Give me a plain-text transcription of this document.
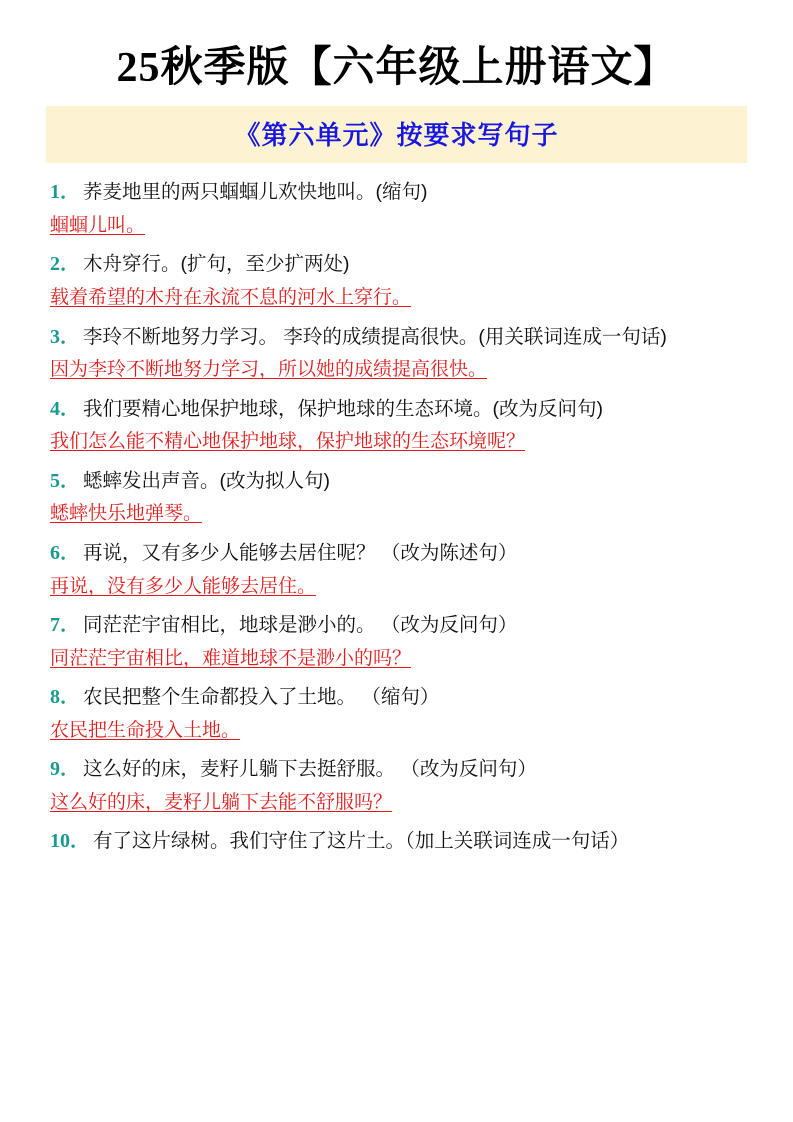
25秋季版【六年级上册语文】
《第六单元》按要求写句子

1． 荞麦地里的两只蝈蝈儿欢快地叫。(缩句)

蝈蝈儿叫。

2． 木舟穿行。(扩句，至少扩两处)

载着希望的木舟在永流不息的河水上穿行。

3． 李玲不断地努力学习。 李玲的成绩提高很快。(用关联词连成一句话)

因为李玲不断地努力学习，所以她的成绩提高很快。

4． 我们要精心地保护地球，保护地球的生态环境。(改为反问句)

我们怎么能不精心地保护地球，保护地球的生态环境呢？

5． 蟋蟀发出声音。(改为拟人句)

蟋蟀快乐地弹琴。

6． 再说，又有多少人能够去居住呢？ （改为陈述句）

再说，没有多少人能够去居住。

7． 同茫茫宇宙相比，地球是渺小的。 （改为反问句）

同茫茫宇宙相比，难道地球不是渺小的吗？

8． 农民把整个生命都投入了土地。 （缩句）

农民把生命投入土地。

9． 这么好的床，麦籽儿躺下去挺舒服。 （改为反问句）

这么好的床，麦籽儿躺下去能不舒服吗？

10． 有了这片绿树。我们守住了这片土。（加上关联词连成一句话）
